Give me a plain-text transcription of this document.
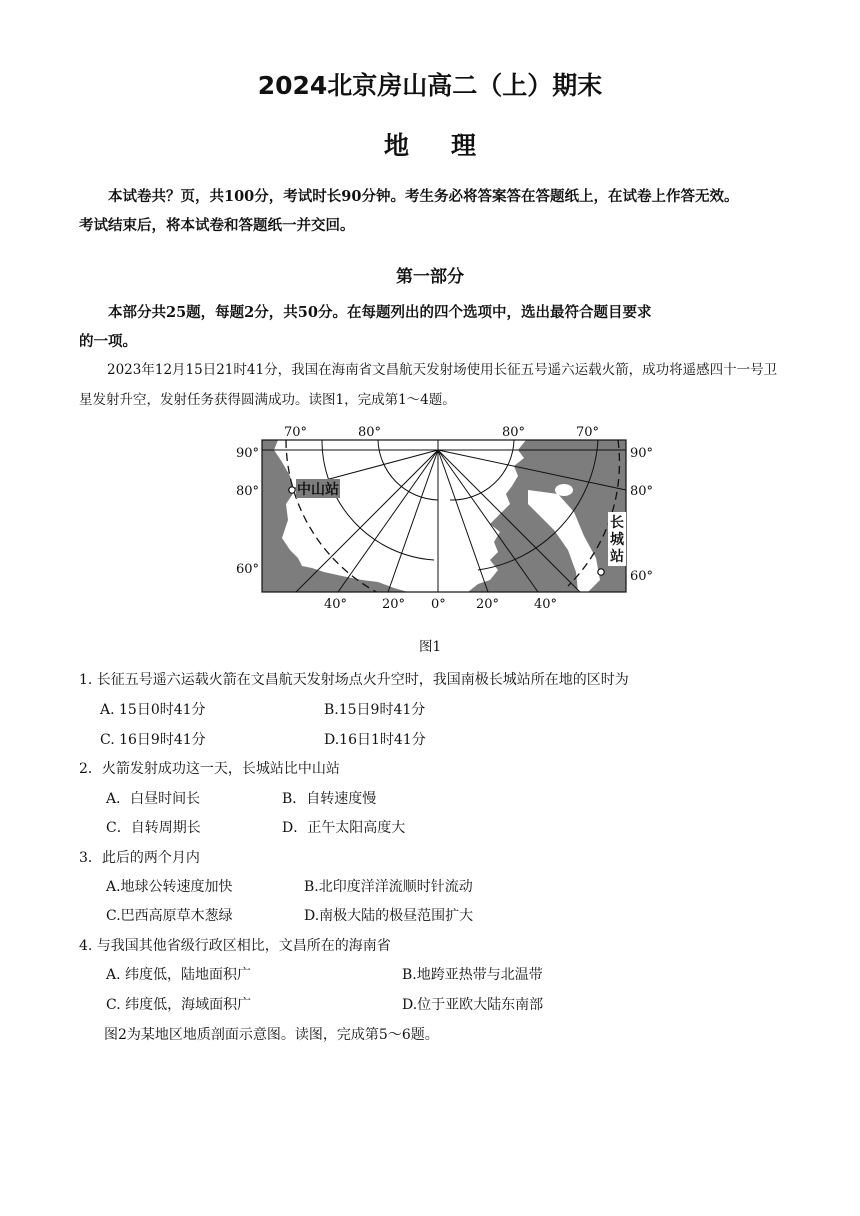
2024北京房山高二（上）期末
地理
本试卷共？页，共100分，考试时长90分钟。考生务必将答案答在答题纸上，在试卷上作答无效。
考试结束后，将本试卷和答题纸一并交回。
第一部分
本部分共25题，每题2分，共50分。在每题列出的四个选项中，选出最符合题目要求
的一项。
2023年12月15日21时41分，我国在海南省文昌航天发射场使用长征五号遥六运载火箭，成功将遥感四十一号卫星发射升空，发射任务获得圆满成功。读图1，完成第1～4题。
中山站
长
城
站
70°	80°	80°	70°
90°
80°
60°
90°
80°
60°
40°	20° 0° 20°	40°
图1
1. 长征五号遥六运载火箭在文昌航天发射场点火升空时，我国南极长城站所在地的区时为
A. 15日0时41分	B.15日9时41分
C. 16日9时41分	D.16日1时41分
2．火箭发射成功这一天，长城站比中山站
A．白昼时间长	B．自转速度慢
C．自转周期长	D．正午太阳高度大
3．此后的两个月内
A.地球公转速度加快	B.北印度洋洋流顺时针流动
C.巴西高原草木葱绿	D.南极大陆的极昼范围扩大
4. 与我国其他省级行政区相比，文昌所在的海南省
A. 纬度低，陆地面积广	B.地跨亚热带与北温带
C. 纬度低，海域面积广	D.位于亚欧大陆东南部
图2为某地区地质剖面示意图。读图，完成第5～6题。
